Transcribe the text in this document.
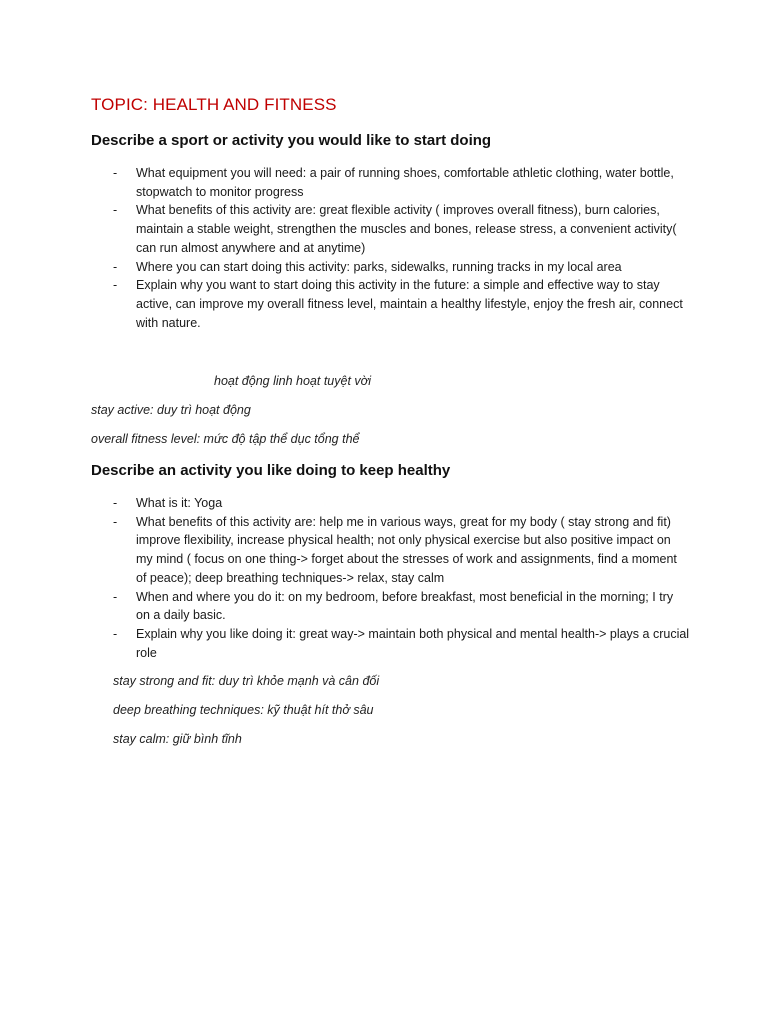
TOPIC: HEALTH AND FITNESS
Describe a sport or activity you would like to start doing
- What equipment you will need: a pair of running shoes, comfortable athletic clothing, water bottle, stopwatch to monitor progress
- What benefits of this activity are: great flexible activity ( improves overall fitness), burn calories, maintain a stable weight, strengthen the muscles and bones, release stress, a convenient activity( can run almost anywhere and at anytime)
- Where you can start doing this activity: parks, sidewalks, running tracks in my local area
- Explain why you want to start doing this activity in the future: a simple and effective way to stay active, can improve my overall fitness level, maintain a healthy lifestyle, enjoy the fresh air, connect with nature.

hoạt động linh hoạt tuyệt vời

stay active: duy trì hoạt động

overall fitness level: mức độ tập thể dục tổng thể

Describe an activity you like doing to keep healthy
- What is it: Yoga
- What benefits of this activity are: help me in various ways, great for my body ( stay strong and fit) improve flexibility, increase physical health; not only physical exercise but also positive impact on my mind ( focus on one thing-> forget about the stresses of work and assignments, find a moment of peace); deep breathing techniques-> relax, stay calm
- When and where you do it: on my bedroom, before breakfast, most beneficial in the morning; I try on a daily basic.
- Explain why you like doing it: great way-> maintain both physical and mental health-> plays a crucial role

stay strong and fit: duy trì khỏe mạnh và cân đối

deep breathing techniques: kỹ thuật hít thở sâu

stay calm: giữ bình tĩnh
